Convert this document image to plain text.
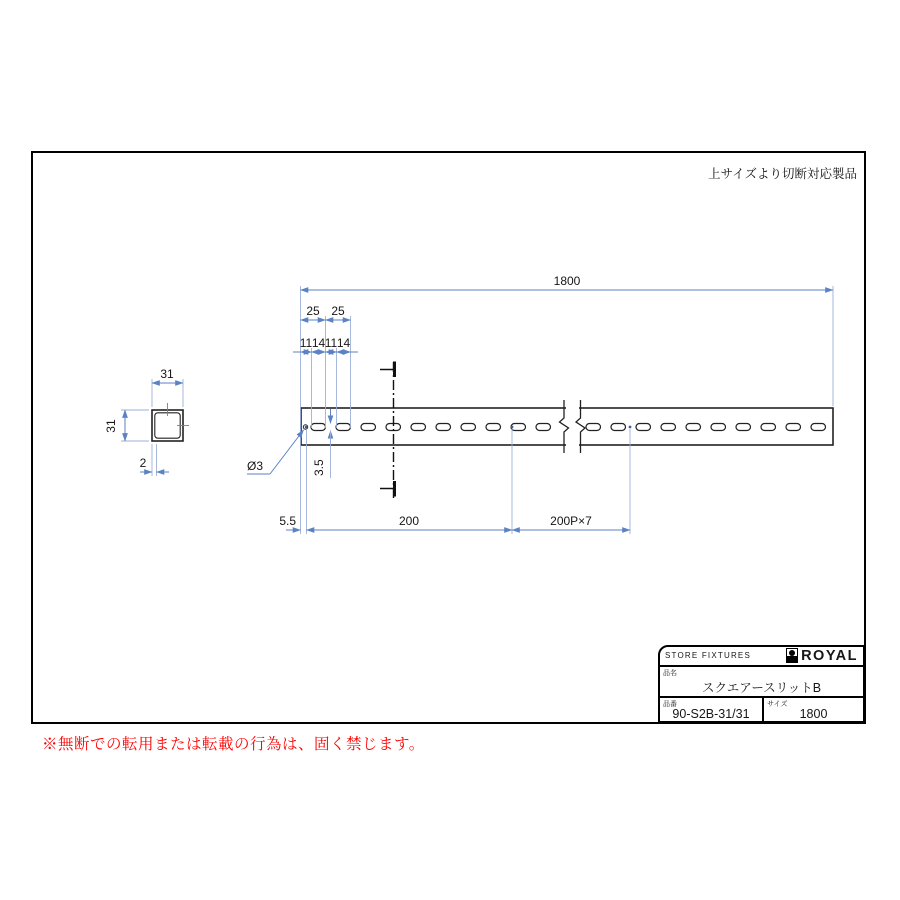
31
31
2
1800
25 25
11 14 11 14
3.5
Ø3
5.5	200	200P×7
上サイズより切断対応製品
STORE FIXTURES	ROYAL
品名
スクエアースリットB
品番
90-S2B-31/31
サイズ
1800
※無断での転用または転載の行為は、固く禁じます。
